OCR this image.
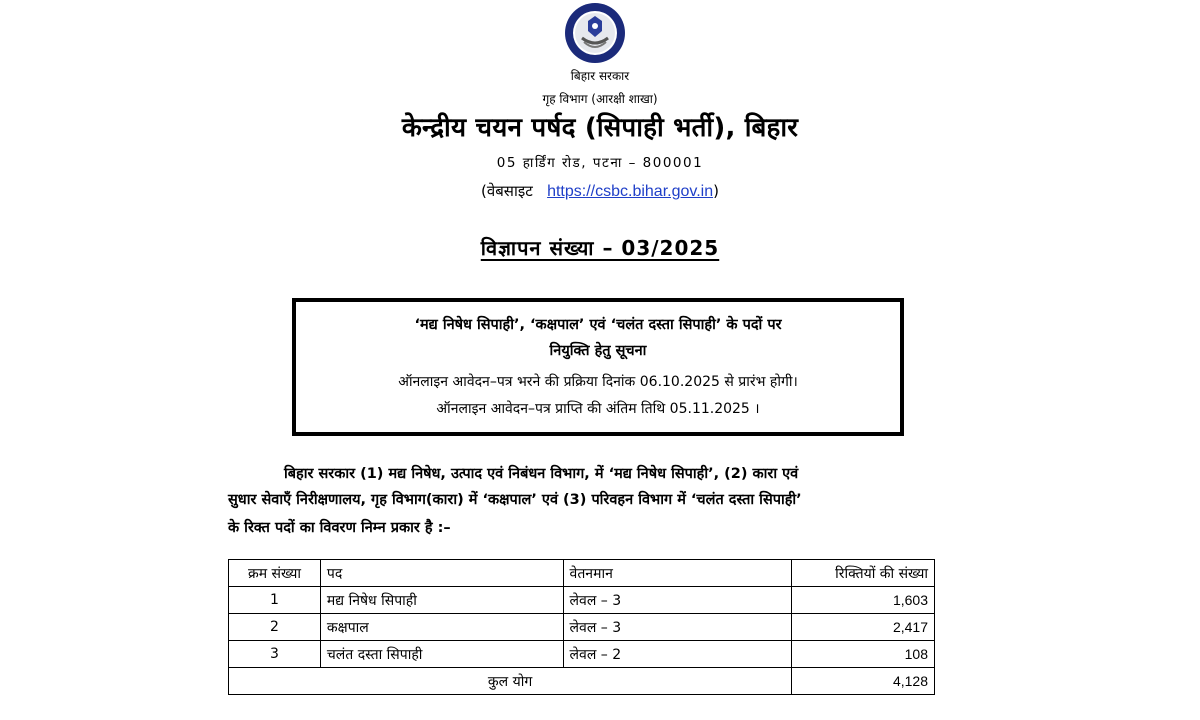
बिहार सरकार
गृह विभाग (आरक्षी शाखा)
केन्द्रीय चयन पर्षद (सिपाही भर्ती), बिहार
05 हार्डिंग रोड, पटना – 800001
(वेबसाइट https://csbc.bihar.gov.in)
विज्ञापन संख्या – 03/2025
‘मद्य निषेध सिपाही’, ‘कक्षपाल’ एवं ‘चलंत दस्ता सिपाही’ के पदों पर
नियुक्ति हेतु सूचना
ऑनलाइन आवेदन–पत्र भरने की प्रक्रिया दिनांक 06.10.2025 से प्रारंभ होगी।
ऑनलाइन आवेदन–पत्र प्राप्ति की अंतिम तिथि 05.11.2025 ।
बिहार सरकार (1) मद्य निषेध, उत्पाद एवं निबंधन विभाग, में ‘मद्य निषेध सिपाही’, (2) कारा एवं
सुधार सेवाएँ निरीक्षणालय, गृह विभाग(कारा) में ‘कक्षपाल’ एवं (3) परिवहन विभाग में ‘चलंत दस्ता सिपाही’
के रिक्त पदों का विवरण निम्न प्रकार है :–
क्रम संख्या	पद	वेतनमान	रिक्तियों की संख्या
1	मद्य निषेध सिपाही	लेवल – 3	1,603
2	कक्षपाल	लेवल – 3	2,417
3	चलंत दस्ता सिपाही	लेवल – 2	108
कुल योग			4,128
